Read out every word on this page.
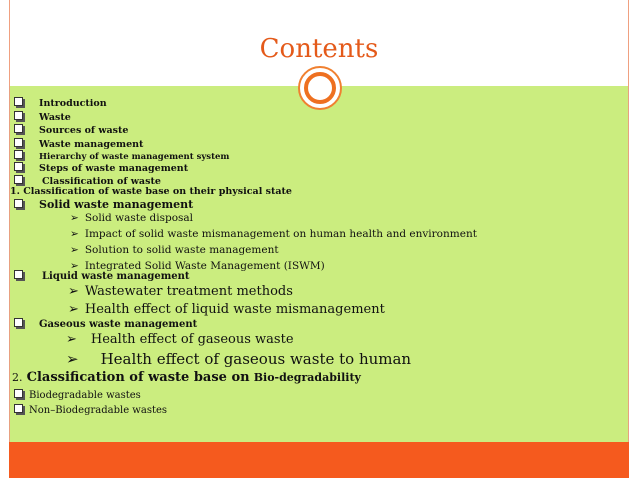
Contents
Introduction
Waste
Sources of waste
Waste management
Hierarchy of waste management system
Steps of waste management
Classification of waste
1. Classification of waste base on their physical state
Solid waste management
➢ Solid waste disposal
➢ Impact of solid waste mismanagement on human health and environment
➢ Solution to solid waste management
➢ Integrated Solid Waste Management (ISWM)
Liquid waste management
➢ Wastewater treatment methods
➢ Health effect of liquid waste mismanagement
Gaseous waste management
➢ Health effect of gaseous waste
➢ Health effect of gaseous waste to human
2. Classification of waste base on Bio-degradability
Biodegradable wastes
Non–Biodegradable wastes
